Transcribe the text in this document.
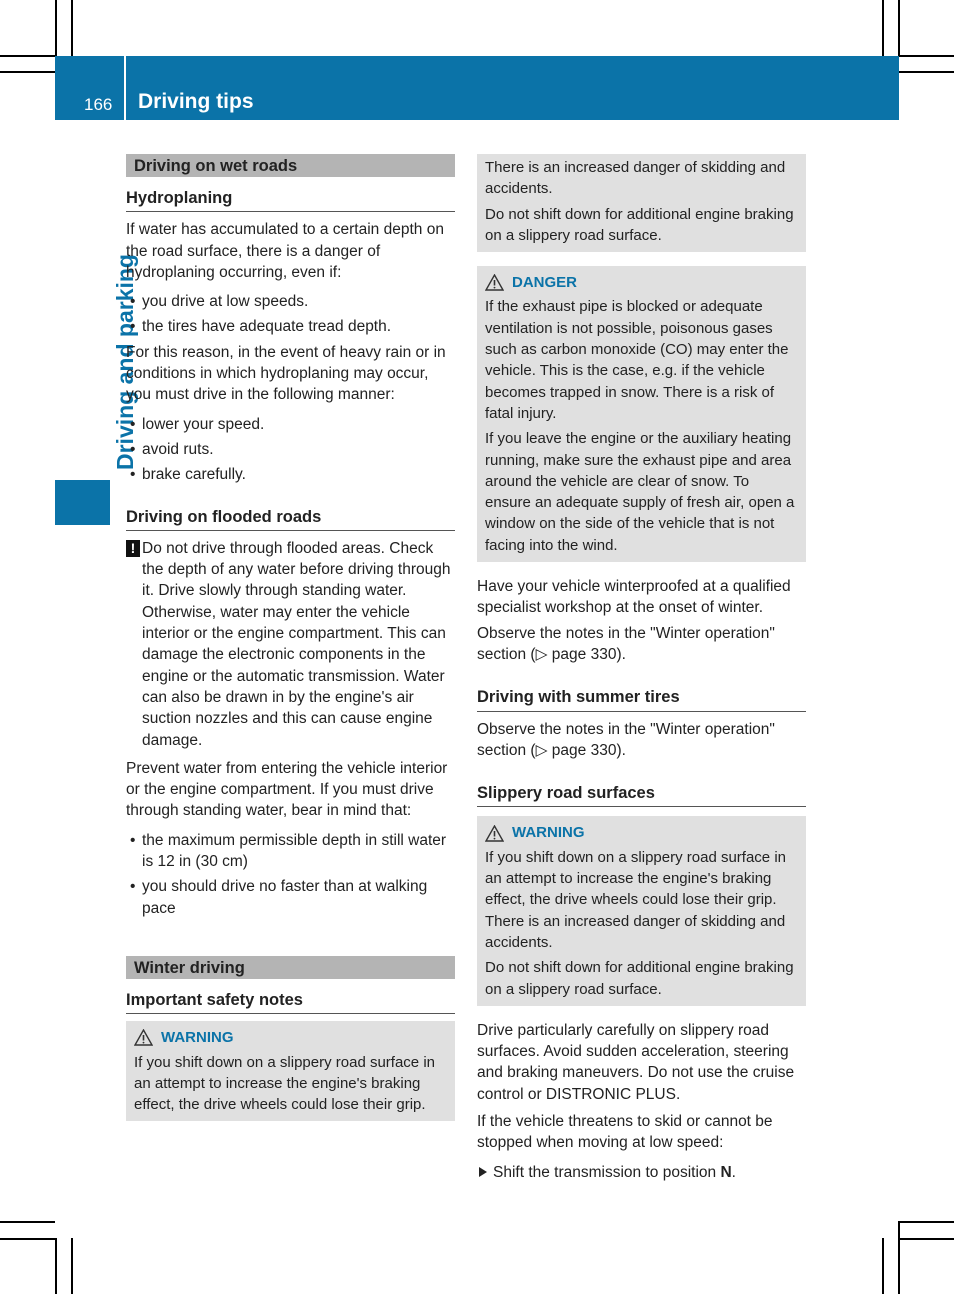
166 Driving tips
Driving and parking
Driving on wet roads
Hydroplaning

If water has accumulated to a certain depth on the road surface, there is a danger of hydroplaning occurring, even if:

• you drive at low speeds.

• the tires have adequate tread depth.

For this reason, in the event of heavy rain or in conditions in which hydroplaning may occur, you must drive in the following manner:

• lower your speed.

• avoid ruts.

• brake carefully.

Driving on flooded roads

! Do not drive through flooded areas. Check the depth of any water before driving through it. Drive slowly through standing water. Otherwise, water may enter the vehicle interior or the engine compartment. This can damage the electronic components in the engine or the automatic transmission. Water can also be drawn in by the engine's air suction nozzles and this can cause engine damage.

Prevent water from entering the vehicle interior or the engine compartment. If you must drive through standing water, bear in mind that:

• the maximum permissible depth in still water is 12 in (30 cm)

• you should drive no faster than at walking pace

Winter driving
Important safety notes
WARNING

If you shift down on a slippery road surface in an attempt to increase the engine's braking effect, the drive wheels could lose their grip.

There is an increased danger of skidding and accidents.

Do not shift down for additional engine braking on a slippery road surface.

DANGER

If the exhaust pipe is blocked or adequate ventilation is not possible, poisonous gases such as carbon monoxide (CO) may enter the vehicle. This is the case, e.g. if the vehicle becomes trapped in snow. There is a risk of fatal injury.

If you leave the engine or the auxiliary heating running, make sure the exhaust pipe and area around the vehicle are clear of snow. To ensure an adequate supply of fresh air, open a window on the side of the vehicle that is not facing into the wind.

Have your vehicle winterproofed at a qualified specialist workshop at the onset of winter.

Observe the notes in the "Winter operation" section (▷ page 330).

Driving with summer tires

Observe the notes in the "Winter operation" section (▷ page 330).

Slippery road surfaces
WARNING

If you shift down on a slippery road surface in an attempt to increase the engine's braking effect, the drive wheels could lose their grip. There is an increased danger of skidding and accidents.

Do not shift down for additional engine braking on a slippery road surface.

Drive particularly carefully on slippery road surfaces. Avoid sudden acceleration, steering and braking maneuvers. Do not use the cruise control or DISTRONIC PLUS.

If the vehicle threatens to skid or cannot be stopped when moving at low speed:

Shift the transmission to position N.
